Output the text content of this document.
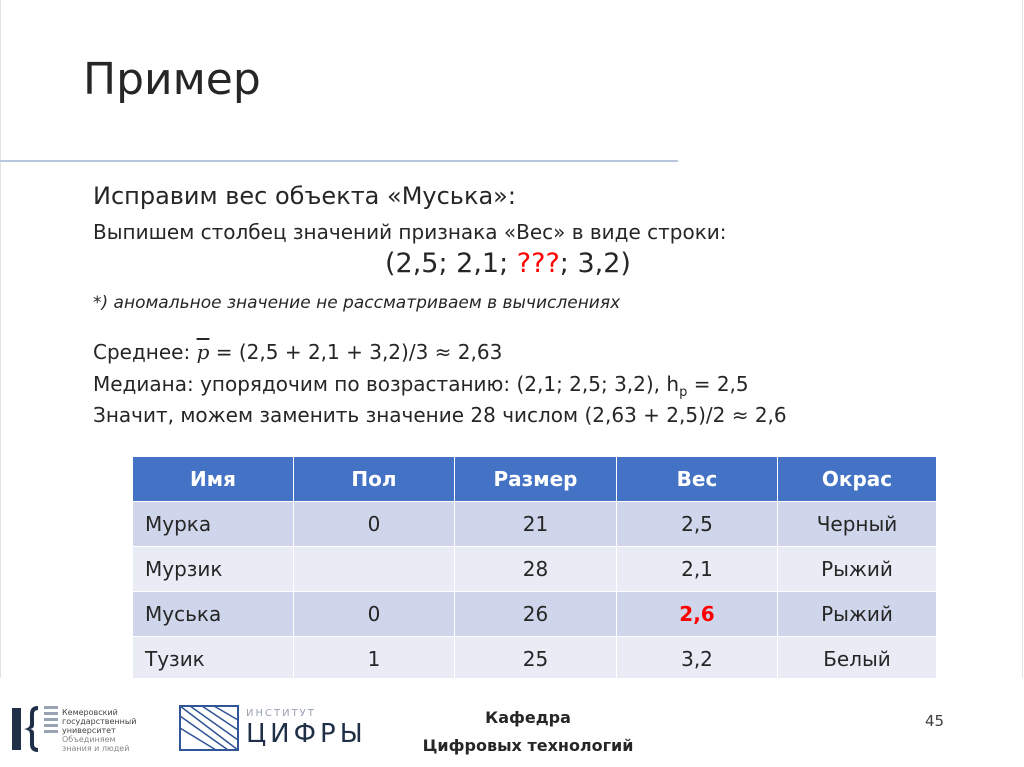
Пример
Исправим вес объекта «Муська»:
Выпишем столбец значений признака «Вес» в виде строки:
(2,5; 2,1; ???; 3,2)
*) аномальное значение не рассматриваем в вычислениях
Среднее: $\overline{p} = (2,5 + 2,1 + 3,2)/3 \approx 2,63$
Медиана: упорядочим по возрастанию: (2,1; 2,5; 3,2), $h_p = 2,5$
Значит, можем заменить значение 28 числом (2,63 + 2,5)/2 ≈ 2,6
Имя	Пол	Размер	Вес	Окрас
Мурка	0	21	2,5	Черный
Мурзик		28	2,1	Рыжий
Муська	0	26	2,6	Рыжий
Тузик	1	25	3,2	Белый
Кемеровский
государственный
университет
Объединяем
знания и людей
ИНСТИТУТ
ЦИФРЫ
Кафедра
Цифровых технологий
45
